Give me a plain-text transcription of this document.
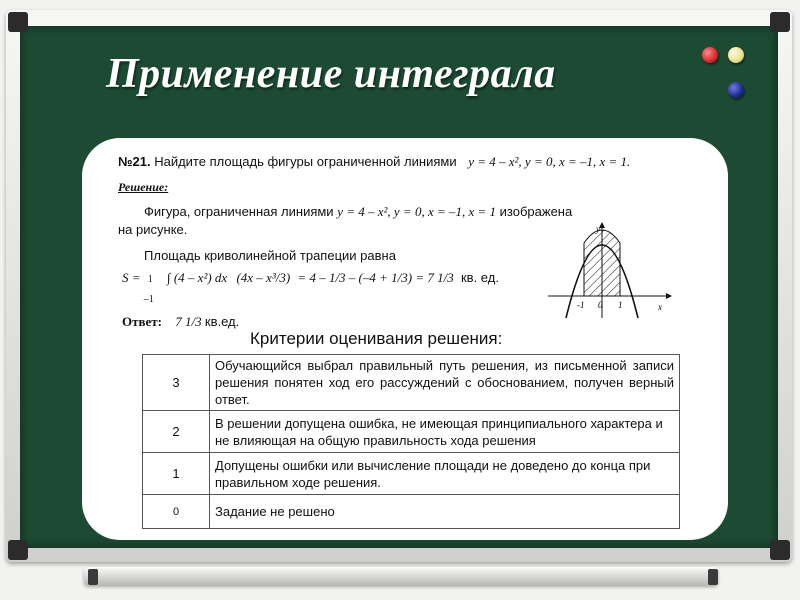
Применение интеграла
№21. Найдите площадь фигуры ограниченной линиями y = 4 – x², y = 0, x = –1, x = 1.
Решение:
Фигура, ограниченная линиями y = 4 – x², y = 0, x = –1, x = 1 изображена
на рисунке.
Площадь криволинейной трапеции равна
S = 1
–1
∫ (4 – x²) dx (4x – x³/3) = 4 – 1/3 – (–4 + 1/3) = 7 1/3 кв. ед.
y
x
-1 0 1
Ответ: 7 1/3 кв.ед.
Критерии оценивания решения:
3	Обучающийся выбрал правильный путь решения, из письменной записи решения понятен ход его рассуждений с обоснованием, получен верный ответ.
2	В решении допущена ошибка, не имеющая принципиального характера и не влияющая на общую правильность хода решения
1	Допущены ошибки или вычисление площади не доведено до конца при правильном ходе решения.
0	Задание не решено
